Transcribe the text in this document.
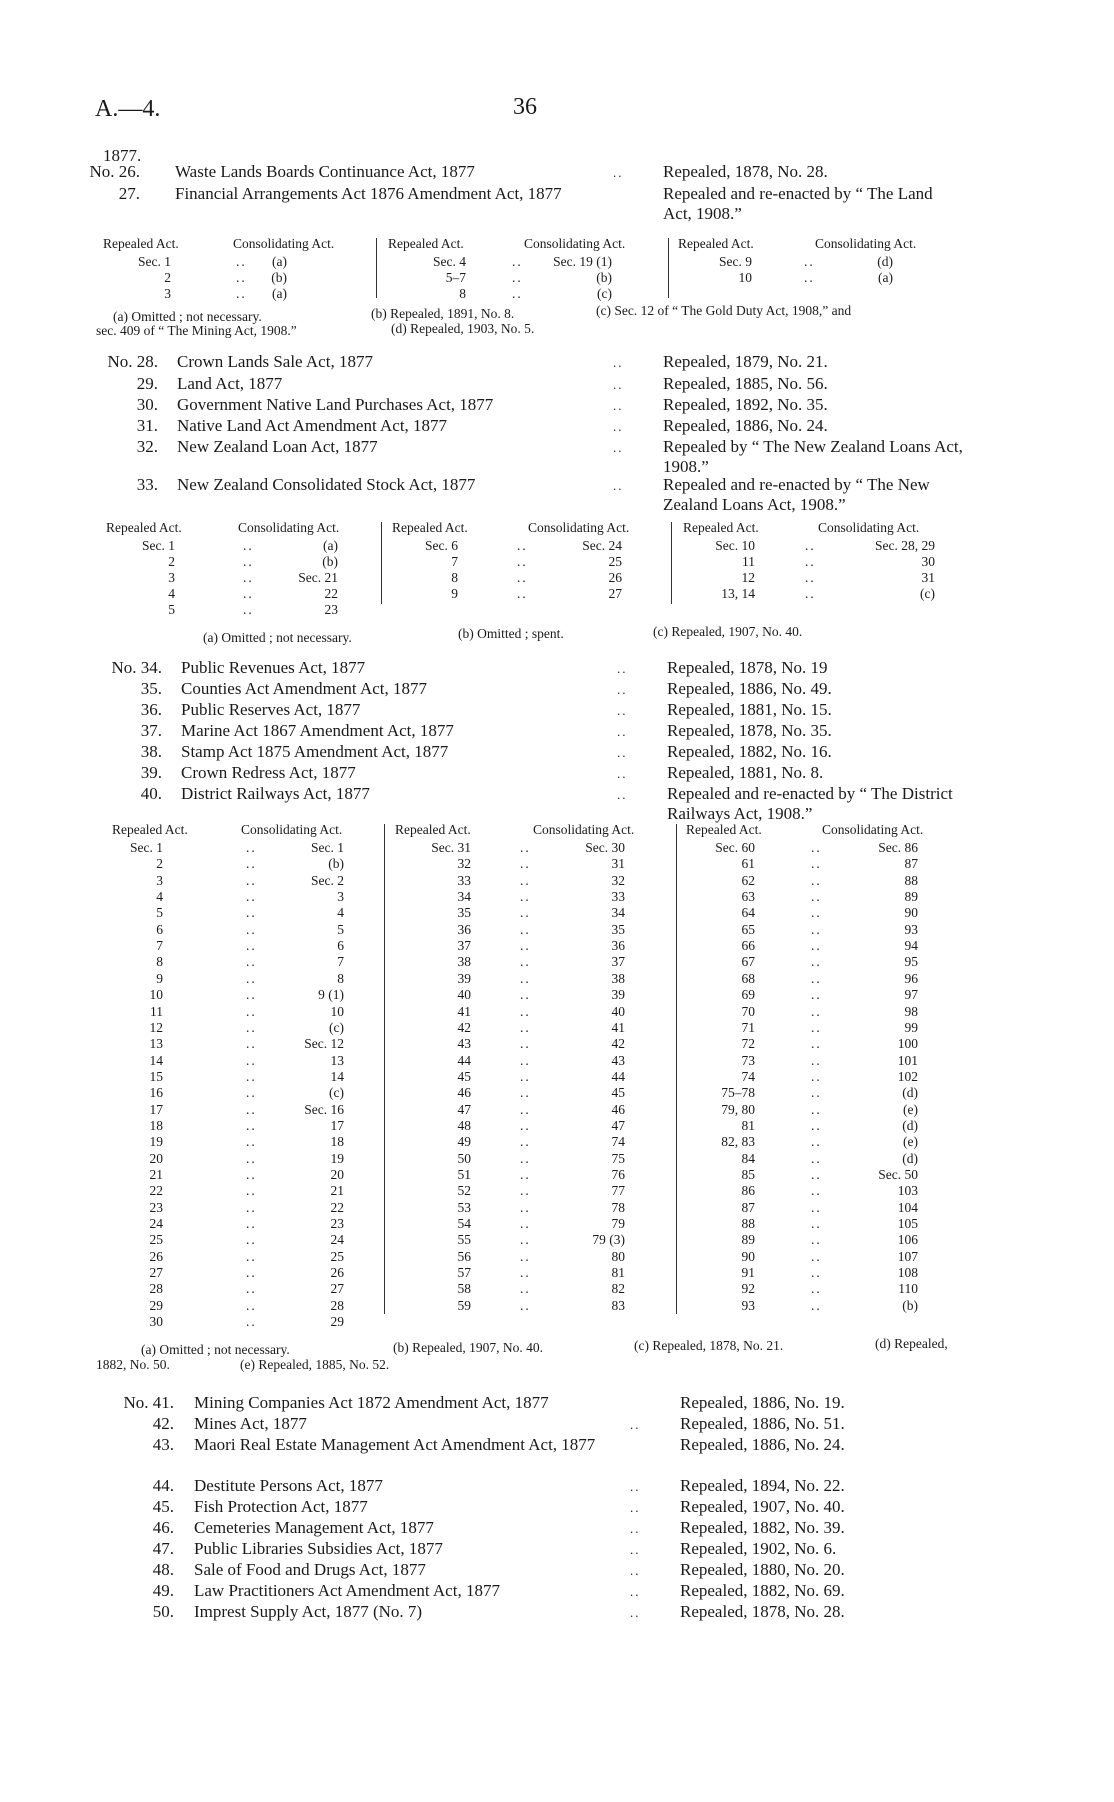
A.—4.	36
1877.
No. 26. Waste Lands Boards Continuance Act, 1877	.. Repealed, 1878, No. 28.
27. Financial Arrangements Act 1876 Amendment Act, 1877	Repealed and re-enacted by “ The Land Act, 1908.”
Repealed Act.	Consolidating Act.
Sec. 1	..	(a)
2	..	(b)
3	..	(a)
Repealed Act.	Consolidating Act.
Sec. 4	..	Sec. 19 (1)
5–7	..	(b)
8	..	(c)
Repealed Act.	Consolidating Act.
Sec. 9	..	(d)
10	..	(a)
(a) Omitted ; not necessary.	(b) Repealed, 1891, No. 8.	(c) Sec. 12 of “ The Gold Duty Act, 1908,” and
sec. 409 of “ The Mining Act, 1908.”	(d) Repealed, 1903, No. 5.
No. 28. Crown Lands Sale Act, 1877	.. Repealed, 1879, No. 21.
29. Land Act, 1877	.. Repealed, 1885, No. 56.
30. Government Native Land Purchases Act, 1877	.. Repealed, 1892, No. 35.
31. Native Land Act Amendment Act, 1877	.. Repealed, 1886, No. 24.
32. New Zealand Loan Act, 1877	.. Repealed by “ The New Zealand Loans Act, 1908.”
33. New Zealand Consolidated Stock Act, 1877	.. Repealed and re-enacted by “ The New Zealand Loans Act, 1908.”
Repealed Act.	Consolidating Act.
Sec. 1	..	(a)
2	..	(b)
3	..	Sec. 21
4	..	22
5	..	23
Repealed Act.	Consolidating Act.
Sec. 6	..	Sec. 24
7	..	25
8	..	26
9	..	27
Repealed Act.	Consolidating Act.
Sec. 10	..	Sec. 28, 29
11	..	30
12	..	31
13, 14	..	(c)
(a) Omitted ; not necessary.	(b) Omitted ; spent.	(c) Repealed, 1907, No. 40.
No. 34. Public Revenues Act, 1877	.. Repealed, 1878, No. 19
35. Counties Act Amendment Act, 1877	.. Repealed, 1886, No. 49.
36. Public Reserves Act, 1877	.. Repealed, 1881, No. 15.
37. Marine Act 1867 Amendment Act, 1877	.. Repealed, 1878, No. 35.
38. Stamp Act 1875 Amendment Act, 1877	.. Repealed, 1882, No. 16.
39. Crown Redress Act, 1877	.. Repealed, 1881, No. 8.
40. District Railways Act, 1877	.. Repealed and re-enacted by “ The District Railways Act, 1908.”
Repealed Act.	Consolidating Act.
Sec. 1	..	Sec. 1
2	..	(b)
3	..	Sec. 2
4	..	3
5	..	4
6	..	5
7	..	6
8	..	7
9	..	8
10	..	9 (1)
11	..	10
12	..	(c)
13	..	Sec. 12
14	..	13
15	..	14
16	..	(c)
17	..	Sec. 16
18	..	17
19	..	18
20	..	19
21	..	20
22	..	21
23	..	22
24	..	23
25	..	24
26	..	25
27	..	26
28	..	27
29	..	28
30	..	29
Repealed Act.	Consolidating Act.
Sec. 31	..	Sec. 30
32	..	31
33	..	32
34	..	33
35	..	34
36	..	35
37	..	36
38	..	37
39	..	38
40	..	39
41	..	40
42	..	41
43	..	42
44	..	43
45	..	44
46	..	45
47	..	46
48	..	47
49	..	74
50	..	75
51	..	76
52	..	77
53	..	78
54	..	79
55	..	79 (3)
56	..	80
57	..	81
58	..	82
59	..	83
Repealed Act.	Consolidating Act.
Sec. 60	..	Sec. 86
61	..	87
62	..	88
63	..	89
64	..	90
65	..	93
66	..	94
67	..	95
68	..	96
69	..	97
70	..	98
71	..	99
72	..	100
73	..	101
74	..	102
75–78	..	(d)
79, 80	..	(e)
81	..	(d)
82, 83	..	(e)
84	..	(d)
85	..	Sec. 50
86	..	103
87	..	104
88	..	105
89	..	106
90	..	107
91	..	108
92	..	110
93	..	(b)
(a) Omitted ; not necessary.	(b) Repealed, 1907, No. 40.	(c) Repealed, 1878, No. 21.	(d) Repealed,
1882, No. 50.	(e) Repealed, 1885, No. 52.
No. 41. Mining Companies Act 1872 Amendment Act, 1877	Repealed, 1886, No. 19.
42. Mines Act, 1877	.. Repealed, 1886, No. 51.
43. Maori Real Estate Management Act Amendment Act, 1877	Repealed, 1886, No. 24.
44. Destitute Persons Act, 1877	.. Repealed, 1894, No. 22.
45. Fish Protection Act, 1877	.. Repealed, 1907, No. 40.
46. Cemeteries Management Act, 1877	.. Repealed, 1882, No. 39.
47. Public Libraries Subsidies Act, 1877	.. Repealed, 1902, No. 6.
48. Sale of Food and Drugs Act, 1877	.. Repealed, 1880, No. 20.
49. Law Practitioners Act Amendment Act, 1877	.. Repealed, 1882, No. 69.
50. Imprest Supply Act, 1877 (No. 7)	.. Repealed, 1878, No. 28.
